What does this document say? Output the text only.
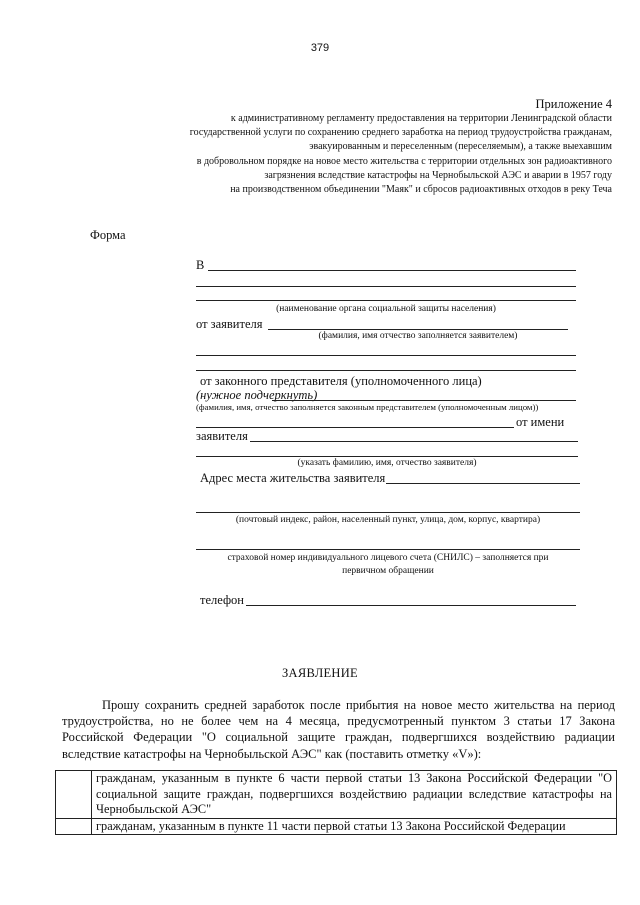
379
Приложение 4
к административному регламенту предоставления на территории Ленинградской области
государственной услуги по сохранению среднего заработка на период трудоустройства гражданам,
эвакуированным и переселенным (переселяемым), а также выехавшим
в добровольном порядке на новое место жительства с территории отдельных зон радиоактивного
загрязнения вследствие катастрофы на Чернобыльской АЭС и аварии в 1957 году
на производственном объединении "Маяк" и сбросов радиоактивных отходов в реку Теча
Форма
В
(наименование органа социальной защиты населения)
от заявителя
(фамилия, имя отчество заполняется заявителем)
от законного представителя (уполномоченного лица)
(нужное подчеркнуть)
(фамилия, имя, отчество заполняется законным представителем (уполномоченным лицом))
от имени
заявителя
(указать фамилию, имя, отчество заявителя)
Адрес места жительства заявителя
(почтовый индекс, район, населенный пункт, улица, дом, корпус, квартира)
страховой номер индивидуального лицевого счета (СНИЛС) – заполняется при
первичном обращении
телефон
ЗАЯВЛЕНИЕ
Прошу сохранить средней заработок после прибытия на новое место жительства на период трудоустройства, но не более чем на 4 месяца, предусмотренный пунктом 3 статьи 17 Закона Российской Федерации "О социальной защите граждан, подвергшихся воздействию радиации вследствие катастрофы на Чернобыльской АЭС" как (поставить отметку «V»):
	гражданам, указанным в пункте 6 части первой статьи 13 Закона Российской Федерации "О социальной защите граждан, подвергшихся воздействию радиации вследствие катастрофы на Чернобыльской АЭС"
	гражданам, указанным в пункте 11 части первой статьи 13 Закона Российской Федерации
